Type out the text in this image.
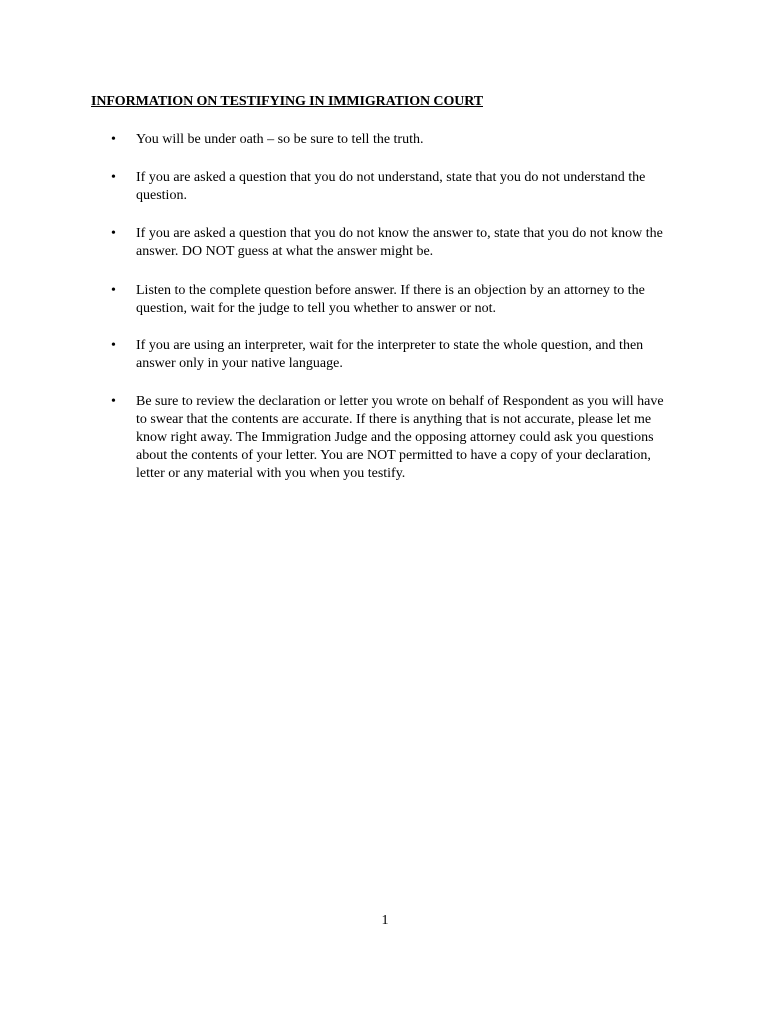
INFORMATION ON TESTIFYING IN IMMIGRATION COURT
• You will be under oath – so be sure to tell the truth.

• If you are asked a question that you do not understand, state that you do not understand the question.

• If you are asked a question that you do not know the answer to, state that you do not know the answer. DO NOT guess at what the answer might be.

• Listen to the complete question before answer. If there is an objection by an attorney to the question, wait for the judge to tell you whether to answer or not.

• If you are using an interpreter, wait for the interpreter to state the whole question, and then answer only in your native language.

• Be sure to review the declaration or letter you wrote on behalf of Respondent as you will have to swear that the contents are accurate. If there is anything that is not accurate, please let me know right away. The Immigration Judge and the opposing attorney could ask you questions about the contents of your letter. You are NOT permitted to have a copy of your declaration, letter or any material with you when you testify.

1
